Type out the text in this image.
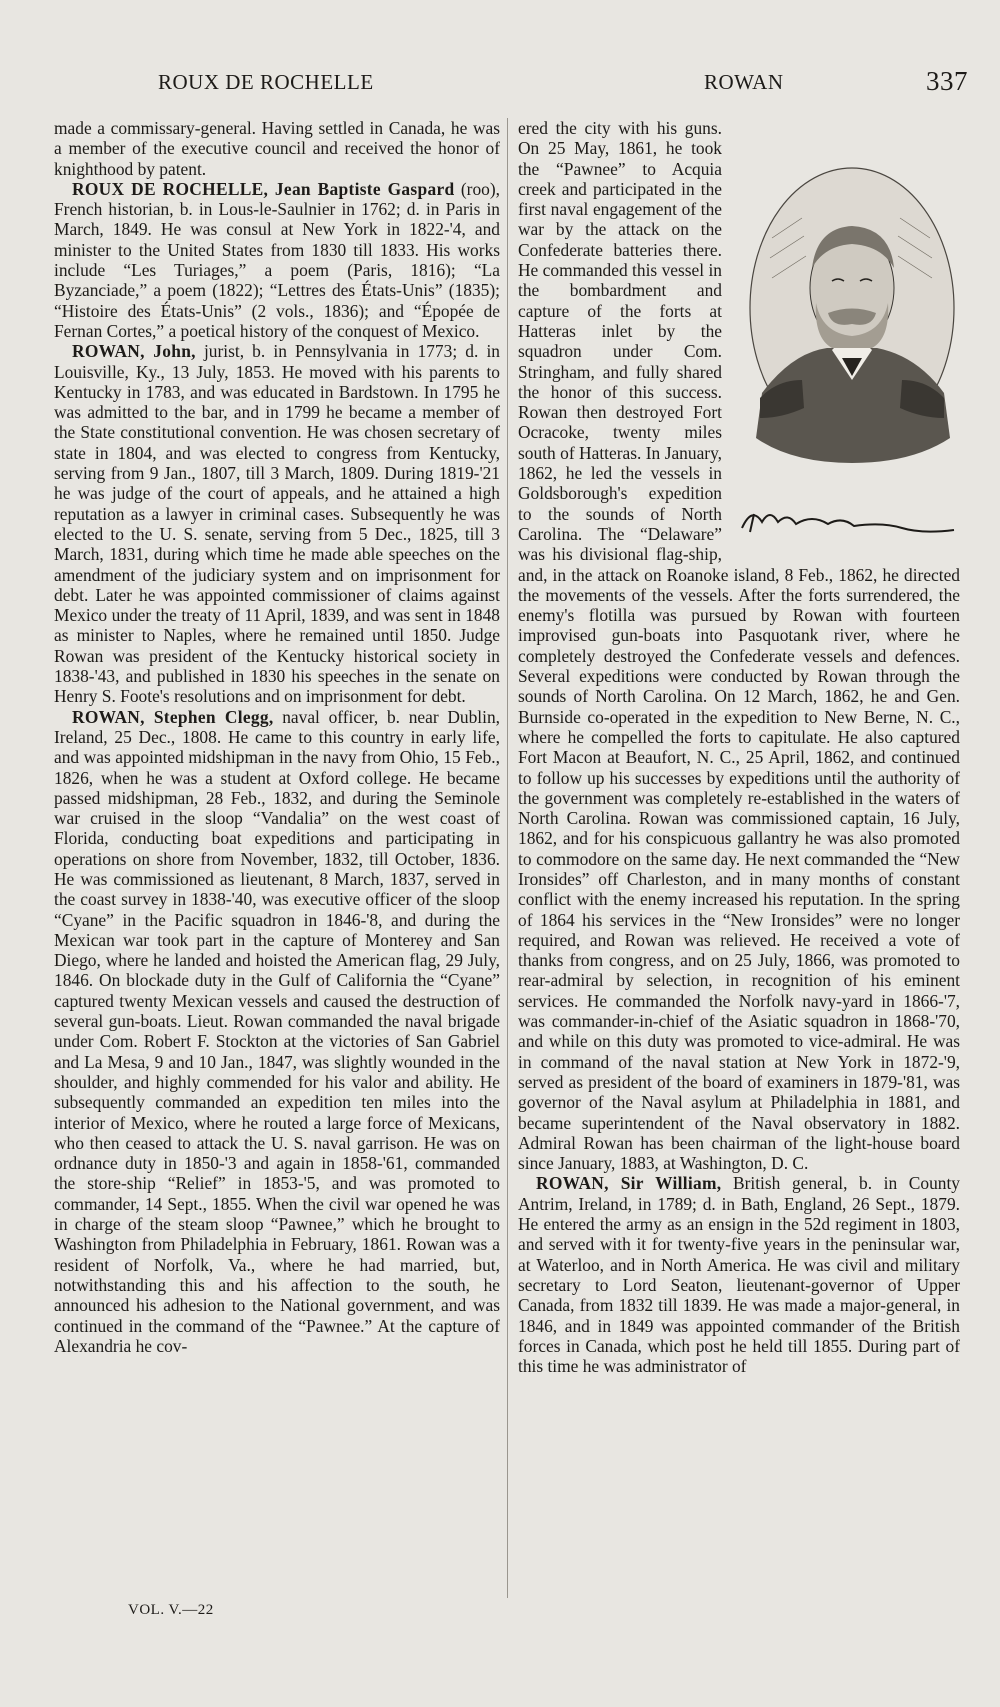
ROUX DE ROCHELLE	ROWAN	337

made a commissary-general. Having settled in Canada, he was a member of the executive council and received the honor of knighthood by patent.

ROUX DE ROCHELLE, Jean Baptiste Gaspard (roo), French historian, b. in Lous-le-Saulnier in 1762; d. in Paris in March, 1849. He was consul at New York in 1822-'4, and minister to the United States from 1830 till 1833. His works include “Les Turiages,” a poem (Paris, 1816); “La Byzanciade,” a poem (1822); “Lettres des États-Unis” (1835); “Histoire des États-Unis” (2 vols., 1836); and “Épopée de Fernan Cortes,” a poetical history of the conquest of Mexico.

ROWAN, John, jurist, b. in Pennsylvania in 1773; d. in Louisville, Ky., 13 July, 1853. He moved with his parents to Kentucky in 1783, and was educated in Bardstown. In 1795 he was admitted to the bar, and in 1799 he became a member of the State constitutional convention. He was chosen secretary of state in 1804, and was elected to congress from Kentucky, serving from 9 Jan., 1807, till 3 March, 1809. During 1819-'21 he was judge of the court of appeals, and he attained a high reputation as a lawyer in criminal cases. Subsequently he was elected to the U. S. senate, serving from 5 Dec., 1825, till 3 March, 1831, during which time he made able speeches on the amendment of the judiciary system and on imprisonment for debt. Later he was appointed commissioner of claims against Mexico under the treaty of 11 April, 1839, and was sent in 1848 as minister to Naples, where he remained until 1850. Judge Rowan was president of the Kentucky historical society in 1838-'43, and published in 1830 his speeches in the senate on Henry S. Foote's resolutions and on imprisonment for debt.

ROWAN, Stephen Clegg, naval officer, b. near Dublin, Ireland, 25 Dec., 1808. He came to this country in early life, and was appointed midshipman in the navy from Ohio, 15 Feb., 1826, when he was a student at Oxford college. He became passed midshipman, 28 Feb., 1832, and during the Seminole war cruised in the sloop “Vandalia” on the west coast of Florida, conducting boat expeditions and participating in operations on shore from November, 1832, till October, 1836. He was commissioned as lieutenant, 8 March, 1837, served in the coast survey in 1838-'40, was executive officer of the sloop “Cyane” in the Pacific squadron in 1846-'8, and during the Mexican war took part in the capture of Monterey and San Diego, where he landed and hoisted the American flag, 29 July, 1846. On blockade duty in the Gulf of California the “Cyane” captured twenty Mexican vessels and caused the destruction of several gun-boats. Lieut. Rowan commanded the naval brigade under Com. Robert F. Stockton at the victories of San Gabriel and La Mesa, 9 and 10 Jan., 1847, was slightly wounded in the shoulder, and highly commended for his valor and ability. He subsequently commanded an expedition ten miles into the interior of Mexico, where he routed a large force of Mexicans, who then ceased to attack the U. S. naval garrison. He was on ordnance duty in 1850-'3 and again in 1858-'61, commanded the store-ship “Relief” in 1853-'5, and was promoted to commander, 14 Sept., 1855. When the civil war opened he was in charge of the steam sloop “Pawnee,” which he brought to Washington from Philadelphia in February, 1861. Rowan was a resident of Norfolk, Va., where he had married, but, notwithstanding this and his affection to the south, he announced his adhesion to the National government, and was continued in the command of the “Pawnee.” At the capture of Alexandria he cov-

ered the city with his guns. On 25 May, 1861, he took the “Pawnee” to Acquia creek and participated in the first naval engagement of the war by the attack on the Confederate batteries there. He commanded this vessel in the bombardment and capture of the forts at Hatteras inlet by the squadron under Com. Stringham, and fully shared the honor of this success. Rowan then destroyed Fort Ocracoke, twenty miles south of Hatteras. In January, 1862, he led the vessels in Goldsborough's expedition to the sounds of North Carolina. The “Delaware” was his divisional flag-ship, and, in the attack on Roanoke island, 8 Feb., 1862, he directed the movements of the vessels. After the forts surrendered, the enemy's flotilla was pursued by Rowan with fourteen improvised gun-boats into Pasquotank river, where he completely destroyed the Confederate vessels and defences. Several expeditions were conducted by Rowan through the sounds of North Carolina. On 12 March, 1862, he and Gen. Burnside co-operated in the expedition to New Berne, N. C., where he compelled the forts to capitulate. He also captured Fort Macon at Beaufort, N. C., 25 April, 1862, and continued to follow up his successes by expeditions until the authority of the government was completely re-established in the waters of North Carolina. Rowan was commissioned captain, 16 July, 1862, and for his conspicuous gallantry he was also promoted to commodore on the same day. He next commanded the “New Ironsides” off Charleston, and in many months of constant conflict with the enemy increased his reputation. In the spring of 1864 his services in the “New Ironsides” were no longer required, and Rowan was relieved. He received a vote of thanks from congress, and on 25 July, 1866, was promoted to rear-admiral by selection, in recognition of his eminent services. He commanded the Norfolk navy-yard in 1866-'7, was commander-in-chief of the Asiatic squadron in 1868-'70, and while on this duty was promoted to vice-admiral. He was in command of the naval station at New York in 1872-'9, served as president of the board of examiners in 1879-'81, was governor of the Naval asylum at Philadelphia in 1881, and became superintendent of the Naval observatory in 1882. Admiral Rowan has been chairman of the light-house board since January, 1883, at Washington, D. C.

ROWAN, Sir William, British general, b. in County Antrim, Ireland, in 1789; d. in Bath, England, 26 Sept., 1879. He entered the army as an ensign in the 52d regiment in 1803, and served with it for twenty-five years in the peninsular war, at Waterloo, and in North America. He was civil and military secretary to Lord Seaton, lieutenant-governor of Upper Canada, from 1832 till 1839. He was made a major-general, in 1846, and in 1849 was appointed commander of the British forces in Canada, which post he held till 1855. During part of this time he was administrator of

VOL. V.—22
